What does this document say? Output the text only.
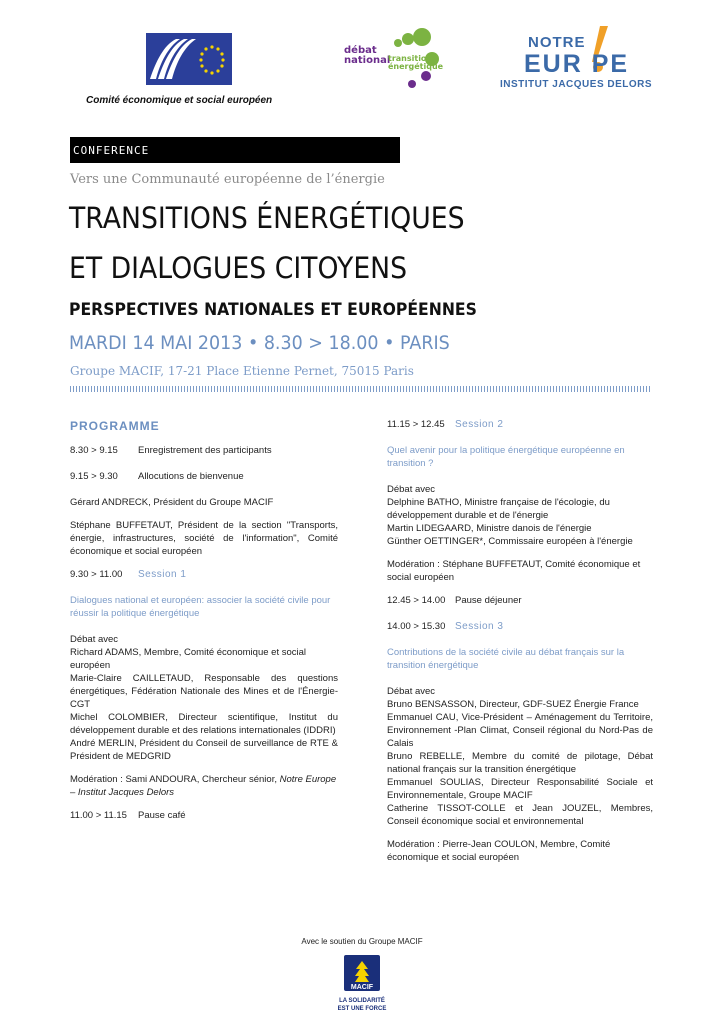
Comité économique et social européen
débat
national
transition
énergétique
NOTRE
EUR PE
INSTITUT JACQUES DELORS
CONFERENCE
Vers une Communauté européenne de l’énergie
TRANSITIONS ÉNERGÉTIQUES
ET DIALOGUES CITOYENS
PERSPECTIVES NATIONALES ET EUROPÉENNES
MARDI 14 MAI 2013 • 8.30 > 18.00 • PARIS
Groupe MACIF, 17-21 Place Etienne Pernet, 75015 Paris
PROGRAMME
8.30 > 9.15	Enregistrement des participants
9.15 > 9.30	Allocutions de bienvenue

Gérard ANDRECK, Président du Groupe MACIF

Stéphane BUFFETAUT, Président de la section "Transports, énergie, infrastructures, société de l'information", Comité économique et social européen

9.30 > 11.00	Session 1

Dialogues national et européen: associer la société civile pour réussir la politique énergétique

Débat avec
Richard ADAMS, Membre, Comité économique et social européen

Marie-Claire CAILLETAUD, Responsable des questions énergétiques, Fédération Nationale des Mines et de l'Énergie-CGT
Michel COLOMBIER, Directeur scientifique, Institut du développement durable et des relations internationales (IDDRI)
André MERLIN, Président du Conseil de surveillance de RTE & Président de MEDGRID

Modération : Sami ANDOURA, Chercheur sénior, Notre Europe – Institut Jacques Delors

11.00 > 11.15	Pause café
11.15 > 12.45	Session 2

Quel avenir pour la politique énergétique européenne en transition ?

Débat avec
Delphine BATHO, Ministre française de l'écologie, du développement durable et de l'énergie
Martin LIDEGAARD, Ministre danois de l'énergie
Günther OETTINGER*, Commissaire européen à l'énergie

Modération : Stéphane BUFFETAUT, Comité économique et social européen

12.45 > 14.00	Pause déjeuner
14.00 > 15.30 Session 3

Contributions de la société civile au débat français sur la transition énergétique

Débat avec
Bruno BENSASSON, Directeur, GDF-SUEZ Énergie France
Emmanuel CAU, Vice-Président – Aménagement du Territoire, Environnement -Plan Climat, Conseil régional du Nord-Pas de Calais
Bruno REBELLE, Membre du comité de pilotage, Débat national français sur la transition énergétique
Emmanuel SOULIAS, Directeur Responsabilité Sociale et Environnementale, Groupe MACIF
Catherine TISSOT-COLLE et Jean JOUZEL, Membres, Conseil économique social et environnemental

Modération : Pierre-Jean COULON, Membre, Comité économique et social européen

Avec le soutien du Groupe MACIF
MACIF
LA SOLIDARITÉ
EST UNE FORCE
